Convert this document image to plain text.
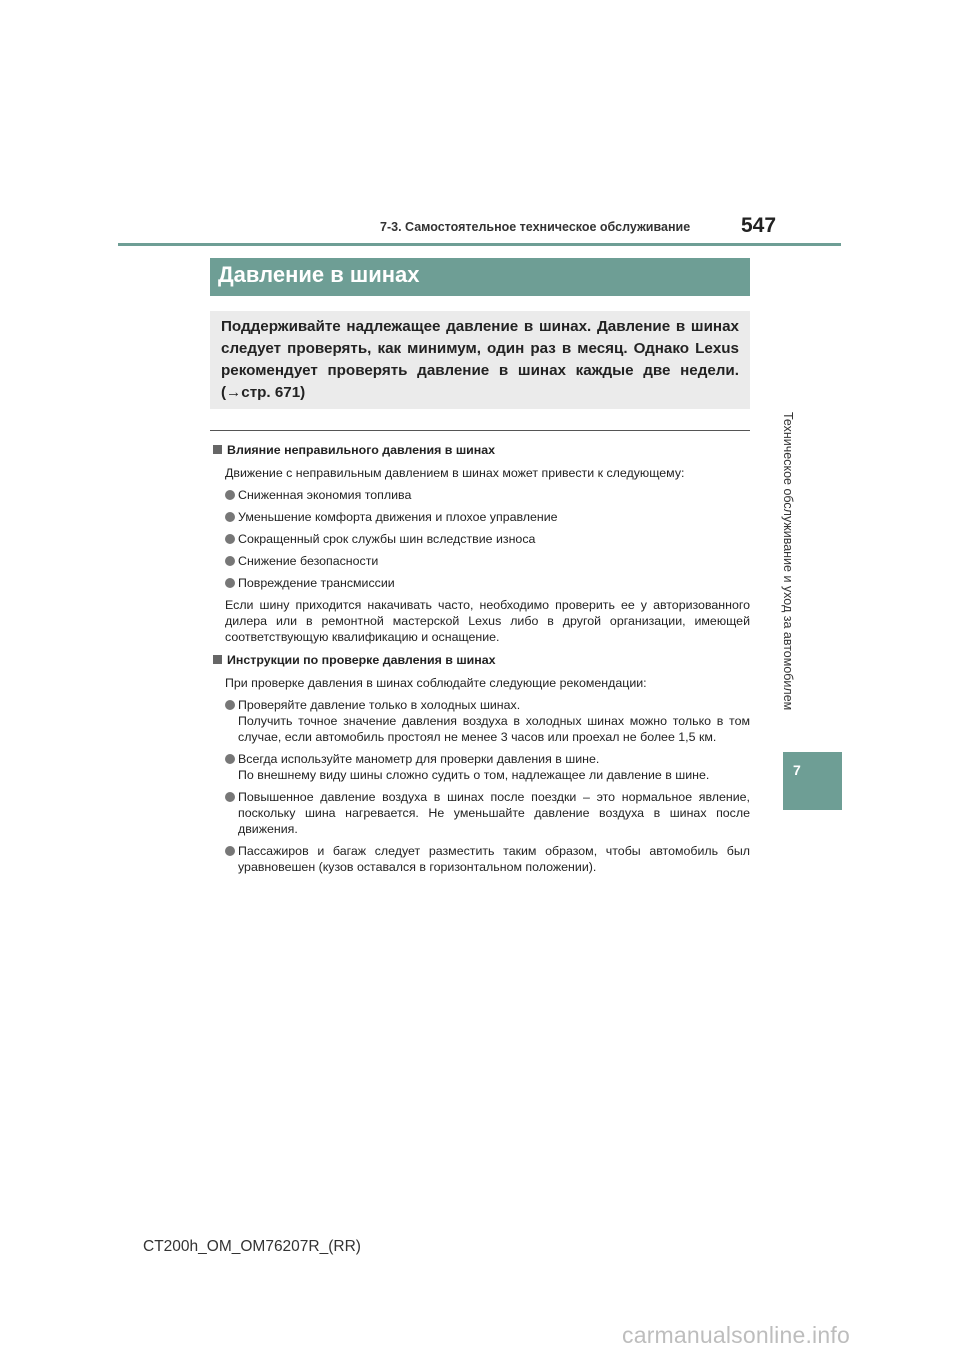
7-3. Самостоятельное техническое обслуживание 547
Техническое обслуживание и уход за автомобилем
7
Давление в шинах

Поддерживайте надлежащее давление в шинах. Давление в шинах следует проверять, как минимум, один раз в месяц. Однако Lexus рекомендует проверять давление в шинах каждые две недели. (→стр. 671)

Влияние неправильного давления в шинах

Движение с неправильным давлением в шинах может привести к следующему:

Сниженная экономия топлива
Уменьшение комфорта движения и плохое управление
Сокращенный срок службы шин вследствие износа
Снижение безопасности
Повреждение трансмиссии

Если шину приходится накачивать часто, необходимо проверить ее у авторизованного дилера или в ремонтной мастерской Lexus либо в другой организации, имеющей соответствующую квалификацию и оснащение.

Инструкции по проверке давления в шинах

При проверке давления в шинах соблюдайте следующие рекомендации:

Проверяйте давление только в холодных шинах.
Получить точное значение давления воздуха в холодных шинах можно только в том случае, если автомобиль простоял не менее 3 часов или проехал не более 1,5 км.
Всегда используйте манометр для проверки давления в шине.
По внешнему виду шины сложно судить о том, надлежащее ли давление в шине.
Повышенное давление воздуха в шинах после поездки – это нормальное явление, поскольку шина нагревается. Не уменьшайте давление воздуха в шинах после движения.
Пассажиров и багаж следует разместить таким образом, чтобы автомобиль был уравновешен (кузов оставался в горизонтальном положении).
CT200h_OM_OM76207R_(RR)
carmanualsonline.info
